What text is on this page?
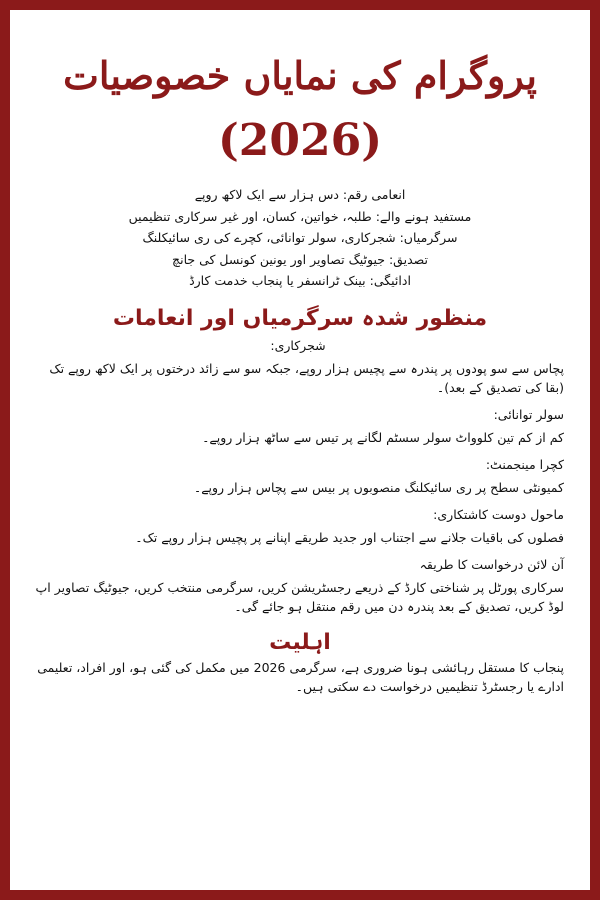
پروگرام کی نمایاں خصوصیات
(2026)
انعامی رقم: دس ہزار سے ایک لاکھ روپے
مستفید ہونے والے: طلبہ، خواتین، کسان، اور غیر سرکاری تنظیمیں
سرگرمیاں: شجرکاری، سولر توانائی، کچرے کی ری سائیکلنگ
تصدیق: جیوٹیگ تصاویر اور یونین کونسل کی جانچ
ادائیگی: بینک ٹرانسفر یا پنجاب خدمت کارڈ
منظور شدہ سرگرمیاں اور انعامات
شجرکاری:
پچاس سے سو پودوں پر پندرہ سے پچیس ہزار روپے، جبکہ سو سے زائد درختوں پر ایک لاکھ روپے تک (بقا کی تصدیق کے بعد)۔
سولر توانائی:
کم از کم تین کلوواٹ سولر سسٹم لگانے پر تیس سے ساٹھ ہزار روپے۔
کچرا مینجمنٹ:
کمیونٹی سطح پر ری سائیکلنگ منصوبوں پر بیس سے پچاس ہزار روپے۔
ماحول دوست کاشتکاری:
فصلوں کی باقیات جلانے سے اجتناب اور جدید طریقے اپنانے پر پچیس ہزار روپے تک۔
آن لائن درخواست کا طریقہ
سرکاری پورٹل پر شناختی کارڈ کے ذریعے رجسٹریشن کریں، سرگرمی منتخب کریں، جیوٹیگ تصاویر اپ لوڈ کریں، تصدیق کے بعد پندرہ دن میں رقم منتقل ہو جائے گی۔
اہلیت
پنجاب کا مستقل رہائشی ہونا ضروری ہے، سرگرمی 2026 میں مکمل کی گئی ہو، اور افراد، تعلیمی ادارے یا رجسٹرڈ تنظیمیں درخواست دے سکتی ہیں۔
